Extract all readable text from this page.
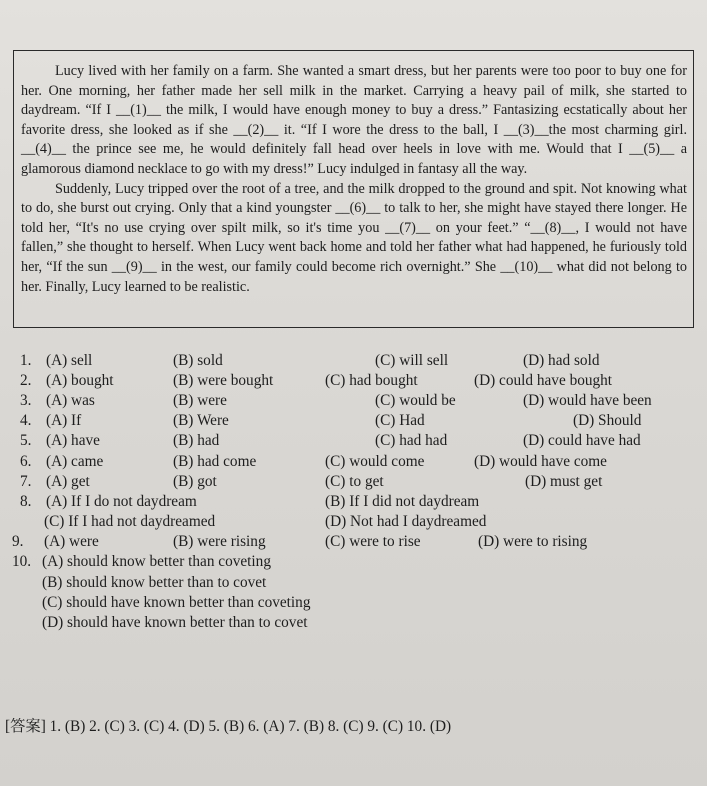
Lucy lived with her family on a farm. She wanted a smart dress, but her parents were too poor to buy one for her. One morning, her father made her sell milk in the market. Carrying a heavy pail of milk, she started to daydream. “If I __(1)__ the milk, I would have enough money to buy a dress.” Fantasizing ecstatically about her favorite dress, she looked as if she __(2)__ it. “If I wore the dress to the ball, I __(3)__the most charming girl. __(4)__ the prince see me, he would definitely fall head over heels in love with me. Would that I __(5)__ a glamorous diamond necklace to go with my dress!” Lucy indulged in fantasy all the way.

Suddenly, Lucy tripped over the root of a tree, and the milk dropped to the ground and spit. Not knowing what to do, she burst out crying. Only that a kind youngster __(6)__ to talk to her, she might have stayed there longer. He told her, “It's no use crying over spilt milk, so it's time you __(7)__ on your feet.” “__(8)__, I would not have fallen,” she thought to herself. When Lucy went back home and told her father what had happened, he furiously told her, “If the sun __(9)__ in the west, our family could become rich overnight.” She __(10)__ what did not belong to her. Finally, Lucy learned to be realistic.

1. (A) sell	(B) sold	(C) will sell	(D) had sold
2. (A) bought	(B) were bought	(C) had bought	(D) could have bought
3. (A) was	(B) were	(C) would be	(D) would have been
4. (A) If	(B) Were	(C) Had	(D) Should
5. (A) have	(B) had	(C) had had	(D) could have had
6. (A) came	(B) had come	(C) would come	(D) would have come
7. (A) get	(B) got	(C) to get	(D) must get
8. (A) If I do not daydream	(B) If I did not daydream
(C) If I had not daydreamed	(D) Not had I daydreamed
9. (A) were	(B) were rising	(C) were to rise	(D) were to rising
10. (A) should know better than coveting
(B) should know better than to covet
(C) should have known better than coveting
(D) should have known better than to covet
[答案] 1. (B) 2. (C) 3. (C) 4. (D) 5. (B) 6. (A) 7. (B) 8. (C) 9. (C) 10. (D)
